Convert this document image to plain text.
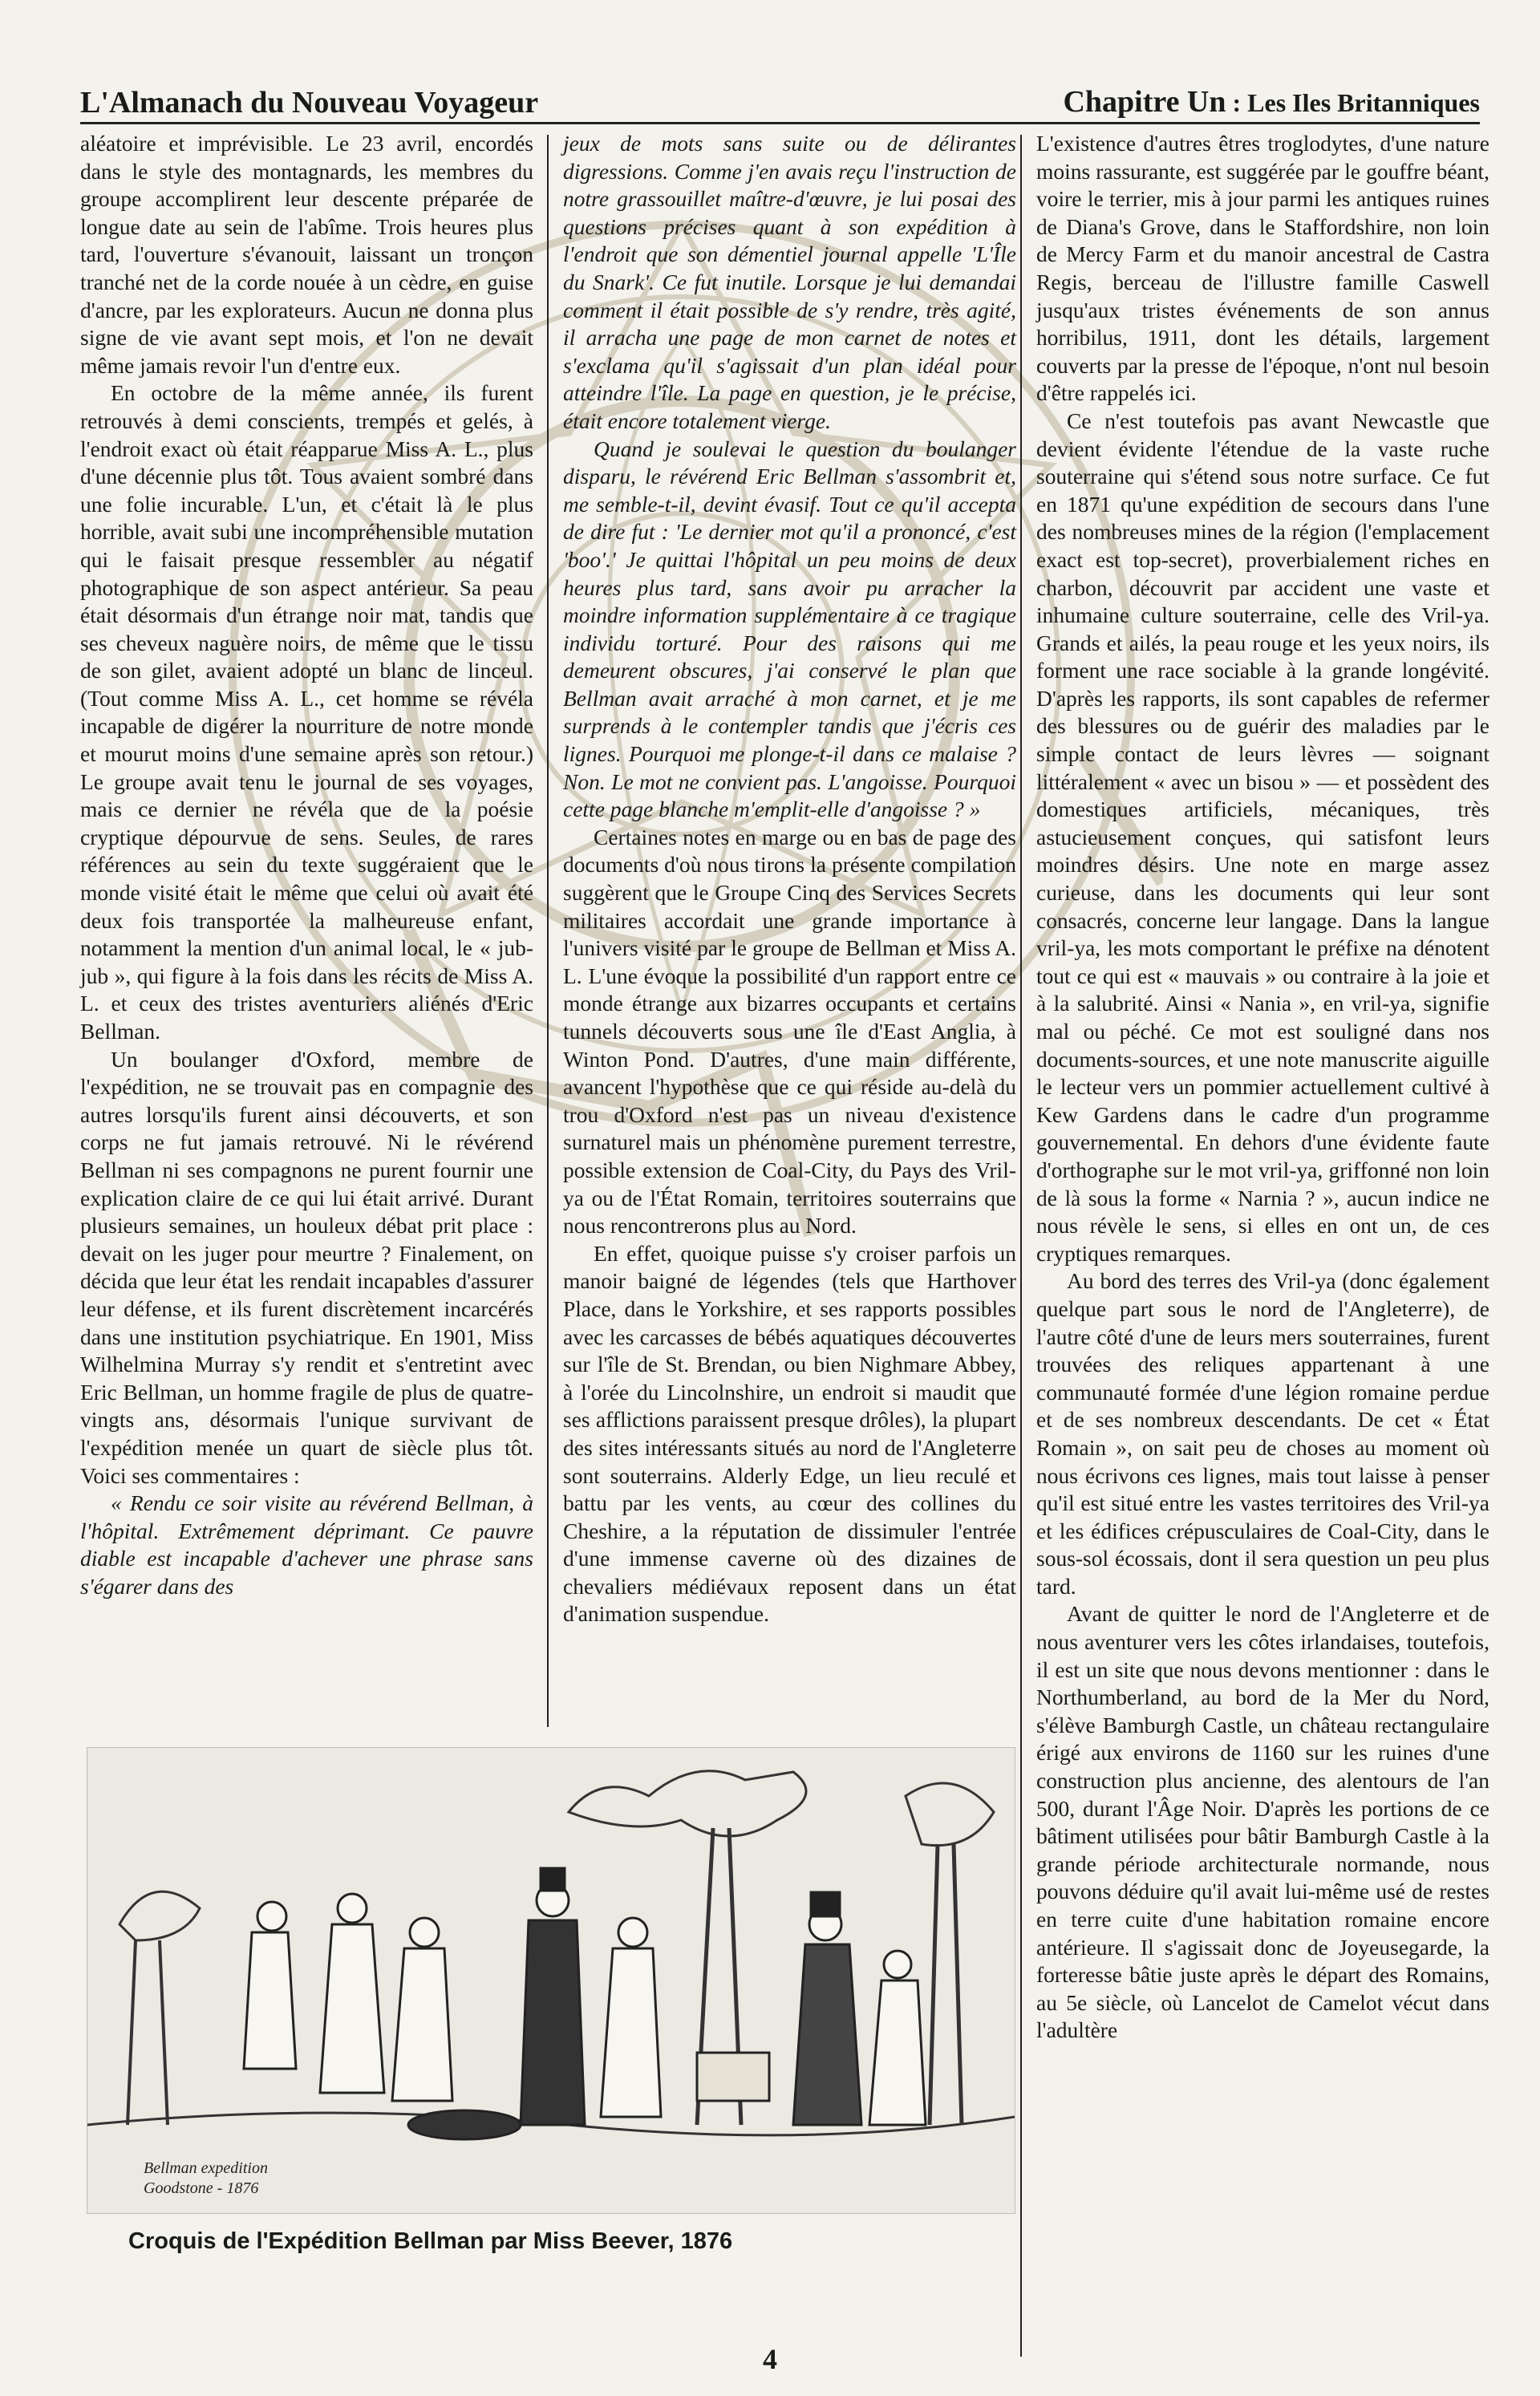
L'Almanach du Nouveau Voyageur	Chapitre Un : Les Iles Britanniques

aléatoire et imprévisible. Le 23 avril, encordés dans le style des montagnards, les membres du groupe accomplirent leur descente préparée de longue date au sein de l'abîme. Trois heures plus tard, l'ouverture s'évanouit, laissant un tronçon tranché net de la corde nouée à un cèdre, en guise d'ancre, par les explorateurs. Aucun ne donna plus signe de vie avant sept mois, et l'on ne devait même jamais revoir l'un d'entre eux.

En octobre de la même année, ils furent retrouvés à demi conscients, trempés et gelés, à l'endroit exact où était réapparue Miss A. L., plus d'une décennie plus tôt. Tous avaient sombré dans une folie incurable. L'un, et c'était là le plus horrible, avait subi une incompréhensible mutation qui le faisait presque ressembler au négatif photographique de son aspect antérieur. Sa peau était désormais d'un étrange noir mat, tandis que ses cheveux naguère noirs, de même que le tissu de son gilet, avaient adopté un blanc de linceul. (Tout comme Miss A. L., cet homme se révéla incapable de digérer la nourriture de notre monde et mourut moins d'une semaine après son retour.) Le groupe avait tenu le journal de ses voyages, mais ce dernier ne révéla que de la poésie cryptique dépourvue de sens. Seules, de rares références au sein du texte suggéraient que le monde visité était le même que celui où avait été deux fois transportée la malheureuse enfant, notamment la mention d'un animal local, le « jub-jub », qui figure à la fois dans les récits de Miss A. L. et ceux des tristes aventuriers aliénés d'Eric Bellman.

Un boulanger d'Oxford, membre de l'expédition, ne se trouvait pas en compagnie des autres lorsqu'ils furent ainsi découverts, et son corps ne fut jamais retrouvé. Ni le révérend Bellman ni ses compagnons ne purent fournir une explication claire de ce qui lui était arrivé. Durant plusieurs semaines, un houleux débat prit place : devait on les juger pour meurtre ? Finalement, on décida que leur état les rendait incapables d'assurer leur défense, et ils furent discrètement incarcérés dans une institution psychiatrique. En 1901, Miss Wilhelmina Murray s'y rendit et s'entretint avec Eric Bellman, un homme fragile de plus de quatre-vingts ans, désormais l'unique survivant de l'expédition menée un quart de siècle plus tôt. Voici ses commentaires :

« Rendu ce soir visite au révérend Bellman, à l'hôpital. Extrêmement déprimant. Ce pauvre diable est incapable d'achever une phrase sans s'égarer dans des

jeux de mots sans suite ou de délirantes digressions. Comme j'en avais reçu l'instruction de notre grassouillet maître-d'œuvre, je lui posai des questions précises quant à son expédition à l'endroit que son démentiel journal appelle 'L'Île du Snark'. Ce fut inutile. Lorsque je lui demandai comment il était possible de s'y rendre, très agité, il arracha une page de mon carnet de notes et s'exclama qu'il s'agissait d'un plan idéal pour atteindre l'île. La page en question, je le précise, était encore totalement vierge.

Quand je soulevai le question du boulanger disparu, le révérend Eric Bellman s'assombrit et, me semble-t-il, devint évasif. Tout ce qu'il accepta de dire fut : 'Le dernier mot qu'il a prononcé, c'est 'boo'.' Je quittai l'hôpital un peu moins de deux heures plus tard, sans avoir pu arracher la moindre information supplémentaire à ce tragique individu torturé. Pour des raisons qui me demeurent obscures, j'ai conservé le plan que Bellman avait arraché à mon carnet, et je me surprends à le contempler tandis que j'écris ces lignes. Pourquoi me plonge-t-il dans ce malaise ? Non. Le mot ne convient pas. L'angoisse. Pourquoi cette page blanche m'emplit-elle d'angoisse ? »

Certaines notes en marge ou en bas de page des documents d'où nous tirons la présente compilation suggèrent que le Groupe Cinq des Services Secrets militaires accordait une grande importance à l'univers visité par le groupe de Bellman et Miss A. L. L'une évoque la possibilité d'un rapport entre ce monde étrange aux bizarres occupants et certains tunnels découverts sous une île d'East Anglia, à Winton Pond. D'autres, d'une main différente, avancent l'hypothèse que ce qui réside au-delà du trou d'Oxford n'est pas un niveau d'existence surnaturel mais un phénomène purement terrestre, possible extension de Coal-City, du Pays des Vril-ya ou de l'État Romain, territoires souterrains que nous rencontrerons plus au Nord.

En effet, quoique puisse s'y croiser parfois un manoir baigné de légendes (tels que Harthover Place, dans le Yorkshire, et ses rapports possibles avec les carcasses de bébés aquatiques découvertes sur l'île de St. Brendan, ou bien Nighmare Abbey, à l'orée du Lincolnshire, un endroit si maudit que ses afflictions paraissent presque drôles), la plupart des sites intéressants situés au nord de l'Angleterre sont souterrains. Alderly Edge, un lieu reculé et battu par les vents, au cœur des collines du Cheshire, a la réputation de dissimuler l'entrée d'une immense caverne où des dizaines de chevaliers médiévaux reposent dans un état d'animation suspendue.

L'existence d'autres êtres troglodytes, d'une nature moins rassurante, est suggérée par le gouffre béant, voire le terrier, mis à jour parmi les antiques ruines de Diana's Grove, dans le Staffordshire, non loin de Mercy Farm et du manoir ancestral de Castra Regis, berceau de l'illustre famille Caswell jusqu'aux tristes événements de son annus horribilus, 1911, dont les détails, largement couverts par la presse de l'époque, n'ont nul besoin d'être rappelés ici.

Ce n'est toutefois pas avant Newcastle que devient évidente l'étendue de la vaste ruche souterraine qui s'étend sous notre surface. Ce fut en 1871 qu'une expédition de secours dans l'une des nombreuses mines de la région (l'emplacement exact est top-secret), proverbialement riches en charbon, découvrit par accident une vaste et inhumaine culture souterraine, celle des Vril-ya. Grands et ailés, la peau rouge et les yeux noirs, ils forment une race sociable à la grande longévité. D'après les rapports, ils sont capables de refermer des blessures ou de guérir des maladies par le simple contact de leurs lèvres — soignant littéralement « avec un bisou » — et possèdent des domestiques artificiels, mécaniques, très astucieusement conçues, qui satisfont leurs moindres désirs. Une note en marge assez curieuse, dans les documents qui leur sont consacrés, concerne leur langage. Dans la langue vril-ya, les mots comportant le préfixe na dénotent tout ce qui est « mauvais » ou contraire à la joie et à la salubrité. Ainsi « Nania », en vril-ya, signifie mal ou péché. Ce mot est souligné dans nos documents-sources, et une note manuscrite aiguille le lecteur vers un pommier actuellement cultivé à Kew Gardens dans le cadre d'un programme gouvernemental. En dehors d'une évidente faute d'orthographe sur le mot vril-ya, griffonné non loin de là sous la forme « Narnia ? », aucun indice ne nous révèle le sens, si elles en ont un, de ces cryptiques remarques.

Au bord des terres des Vril-ya (donc également quelque part sous le nord de l'Angleterre), de l'autre côté d'une de leurs mers souterraines, furent trouvées des reliques appartenant à une communauté formée d'une légion romaine perdue et de ses nombreux descendants. De cet « État Romain », on sait peu de choses au moment où nous écrivons ces lignes, mais tout laisse à penser qu'il est situé entre les vastes territoires des Vril-ya et les édifices crépusculaires de Coal-City, dans le sous-sol écossais, dont il sera question un peu plus tard.

Avant de quitter le nord de l'Angleterre et de nous aventurer vers les côtes irlandaises, toutefois, il est un site que nous devons mentionner : dans le Northumberland, au bord de la Mer du Nord, s'élève Bamburgh Castle, un château rectangulaire érigé aux environs de 1160 sur les ruines d'une construction plus ancienne, des alentours de l'an 500, durant l'Âge Noir. D'après les portions de ce bâtiment utilisées pour bâtir Bamburgh Castle à la grande période architecturale normande, nous pouvons déduire qu'il avait lui-même usé de restes en terre cuite d'une habitation romaine encore antérieure. Il s'agissait donc de Joyeusegarde, la forteresse bâtie juste après le départ des Romains, au 5e siècle, où Lancelot de Camelot vécut dans l'adultère

Bellman expedition
Goodstone - 1876
Croquis de l'Expédition Bellman par Miss Beever, 1876
4
